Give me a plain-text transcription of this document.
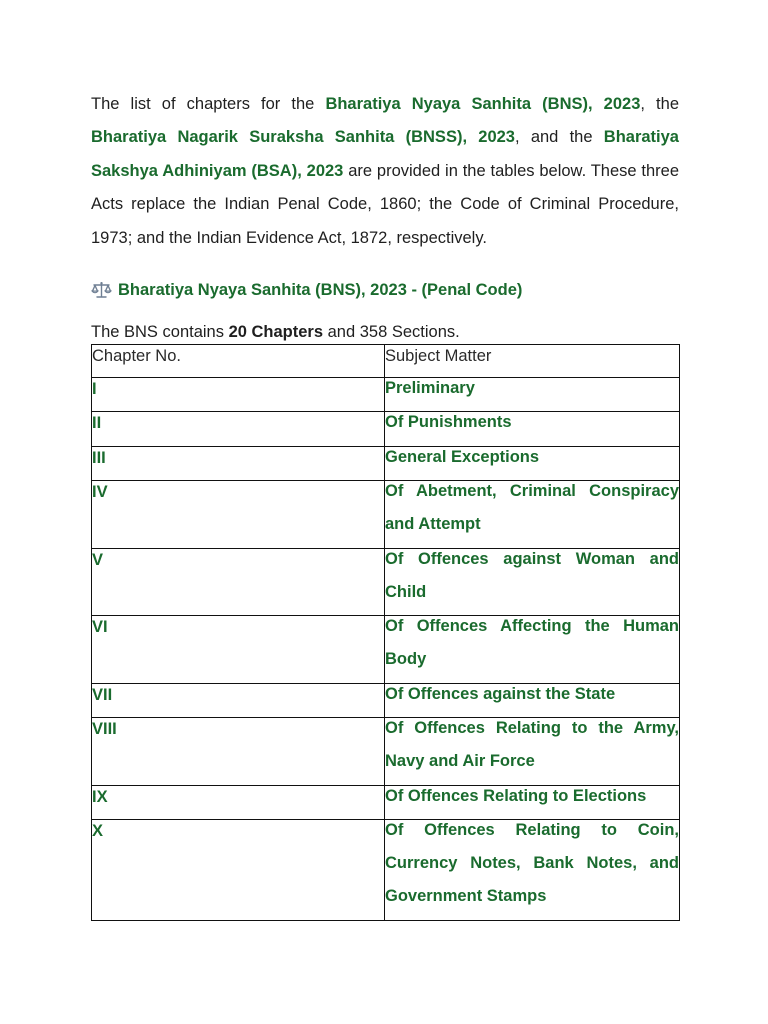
The list of chapters for the Bharatiya Nyaya Sanhita (BNS), 2023, the Bharatiya Nagarik Suraksha Sanhita (BNSS), 2023, and the Bharatiya Sakshya Adhiniyam (BSA), 2023 are provided in the tables below. These three Acts replace the Indian Penal Code, 1860; the Code of Criminal Procedure, 1973; and the Indian Evidence Act, 1872, respectively.

Bharatiya Nyaya Sanhita (BNS), 2023 - (Penal Code)
The BNS contains 20 Chapters and 358 Sections.
Chapter No.	Subject Matter
I	Preliminary

II	Of Punishments

III	General Exceptions

IV	Of Abetment, Criminal Conspiracy and Attempt

V	Of Offences against Woman and Child

VI	Of Offences Affecting the Human Body

VII	Of Offences against the State

VIII	Of Offences Relating to the Army, Navy and Air Force

IX	Of Offences Relating to Elections

X	Of Offences Relating to Coin, Currency Notes, Bank Notes, and Government Stamps
